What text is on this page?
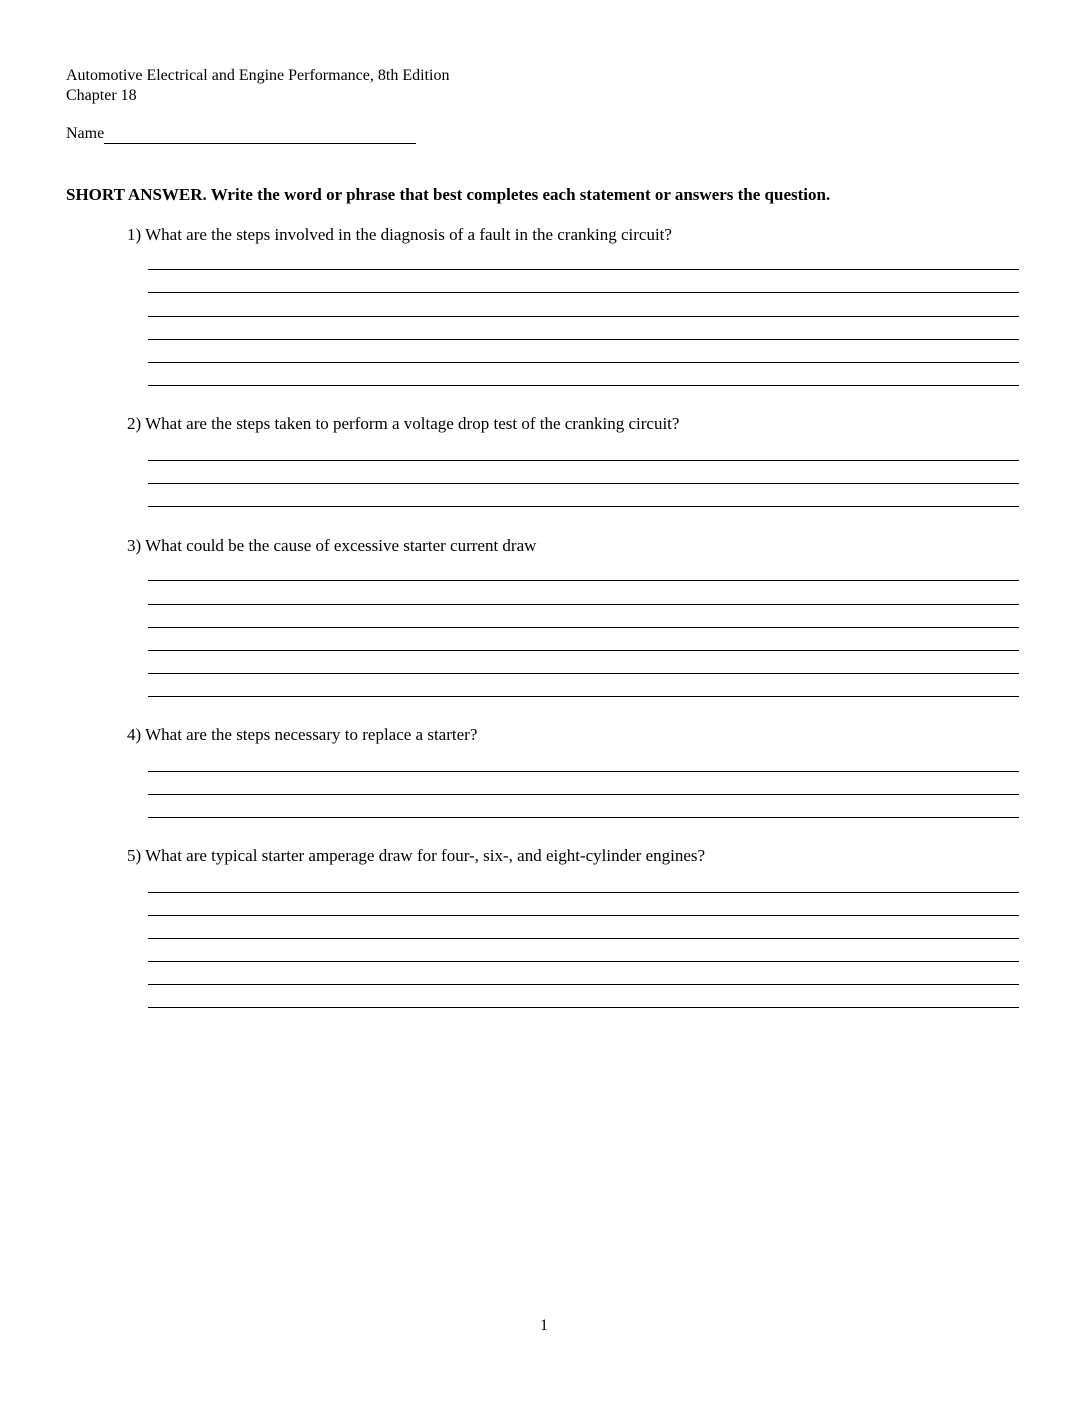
Automotive Electrical and Engine Performance, 8th Edition
Chapter 18
Name
SHORT ANSWER. Write the word or phrase that best completes each statement or answers the question.
1) What are the steps involved in the diagnosis of a fault in the cranking circuit?
2) What are the steps taken to perform a voltage drop test of the cranking circuit?
3) What could be the cause of excessive starter current draw
4) What are the steps necessary to replace a starter?
5) What are typical starter amperage draw for four-, six-, and eight-cylinder engines?
1
